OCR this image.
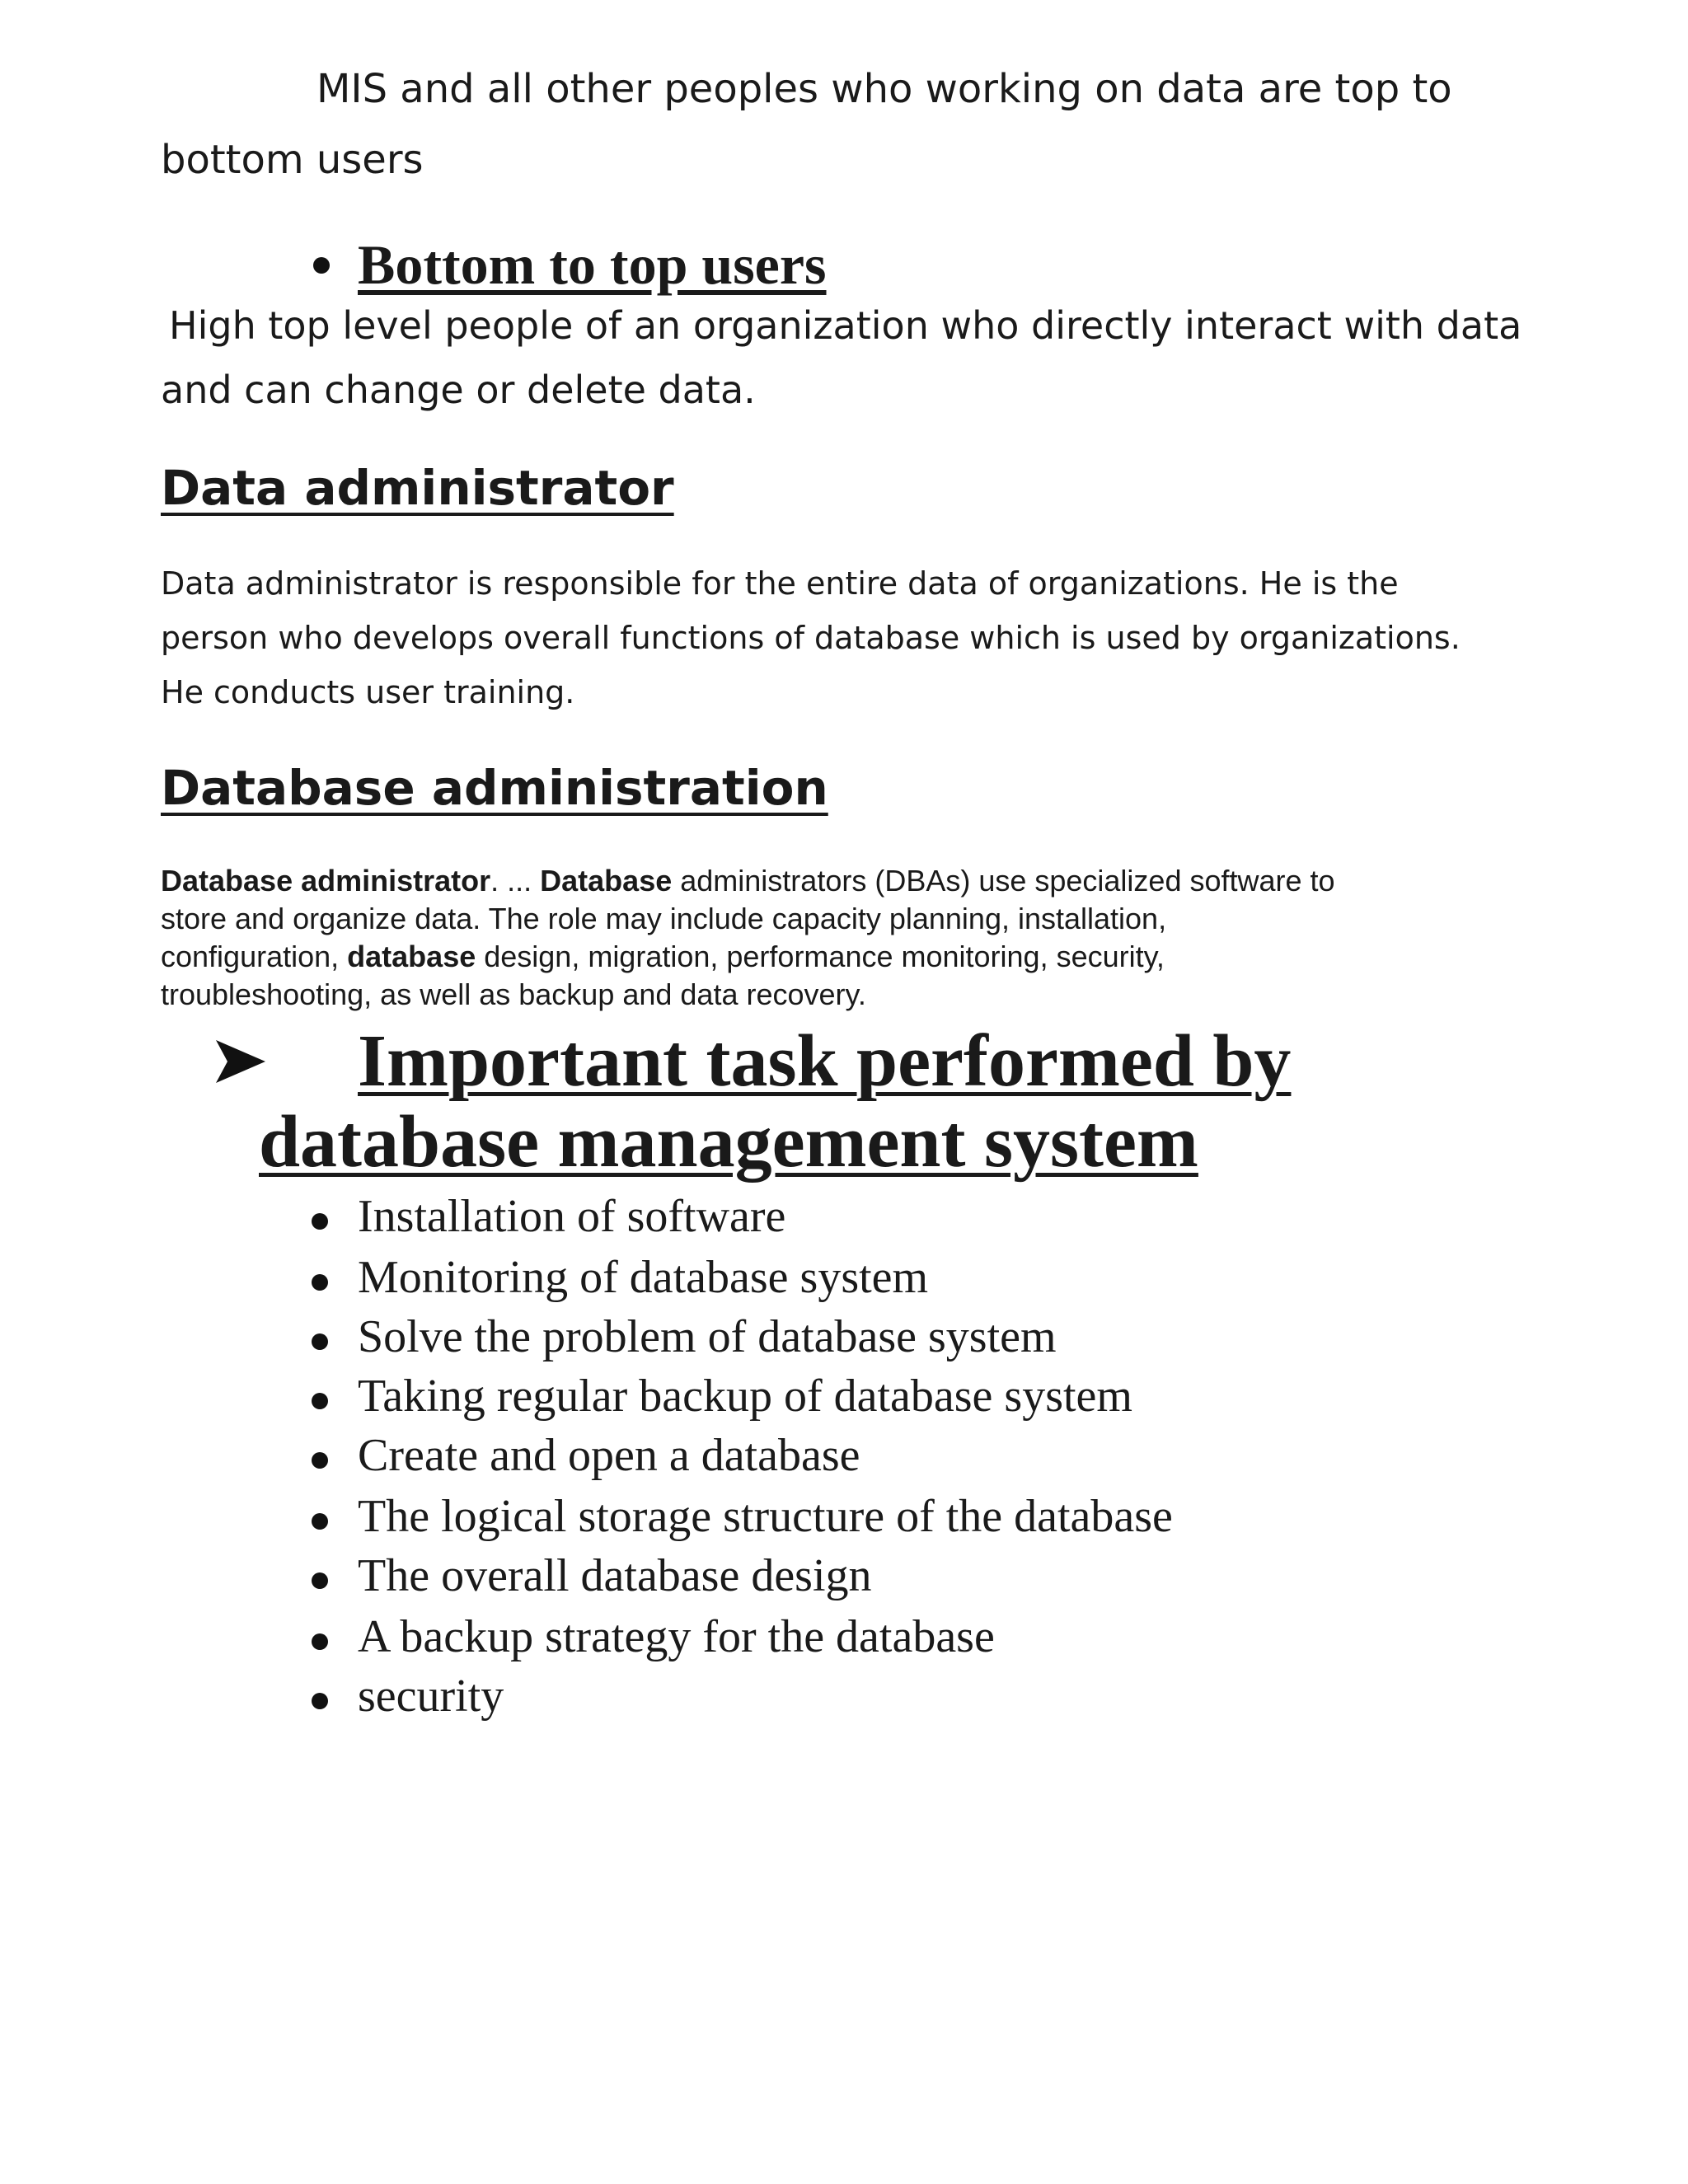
MIS and all other peoples who working on data are top to
bottom users
Bottom to top users
High top level people of an organization who directly interact with data
and can change or delete data.
Data administrator
Data administrator is responsible for the entire data of organizations. He is the
person who develops overall functions of database which is used by organizations.
He conducts user training.
Database administration
Database administrator. ... Database administrators (DBAs) use specialized software to
store and organize data. The role may include capacity planning, installation,
configuration, database design, migration, performance monitoring, security,
troubleshooting, as well as backup and data recovery.
Important task performed by
database management system
Installation of software
Monitoring of database system
Solve the problem of database system
Taking regular backup of database system
Create and open a database
The logical storage structure of the database
The overall database design
A backup strategy for the database
security
